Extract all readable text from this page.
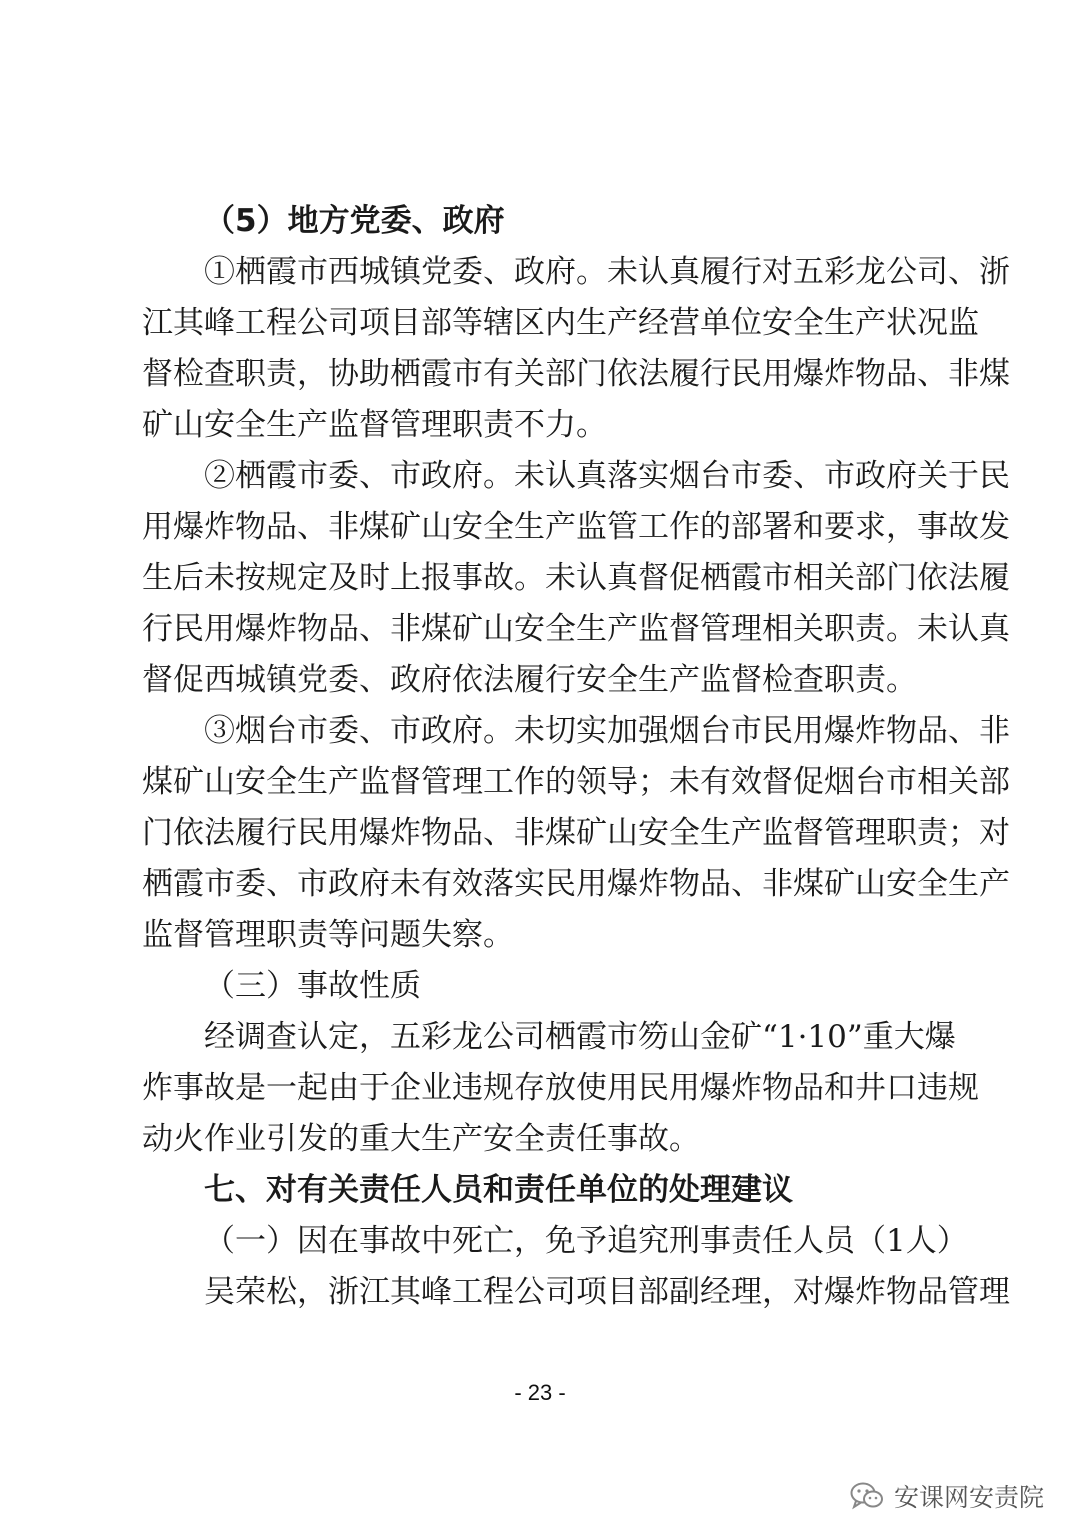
（5）地方党委、政府
①栖霞市西城镇党委、政府。未认真履行对五彩龙公司、浙
江其峰工程公司项目部等辖区内生产经营单位安全生产状况监
督检查职责，协助栖霞市有关部门依法履行民用爆炸物品、非煤
矿山安全生产监督管理职责不力。
②栖霞市委、市政府。未认真落实烟台市委、市政府关于民
用爆炸物品、非煤矿山安全生产监管工作的部署和要求，事故发
生后未按规定及时上报事故。未认真督促栖霞市相关部门依法履
行民用爆炸物品、非煤矿山安全生产监督管理相关职责。未认真
督促西城镇党委、政府依法履行安全生产监督检查职责。
③烟台市委、市政府。未切实加强烟台市民用爆炸物品、非
煤矿山安全生产监督管理工作的领导；未有效督促烟台市相关部
门依法履行民用爆炸物品、非煤矿山安全生产监督管理职责；对
栖霞市委、市政府未有效落实民用爆炸物品、非煤矿山安全生产
监督管理职责等问题失察。
（三）事故性质
经调查认定，五彩龙公司栖霞市笏山金矿“1·10”重大爆
炸事故是一起由于企业违规存放使用民用爆炸物品和井口违规
动火作业引发的重大生产安全责任事故。
七、对有关责任人员和责任单位的处理建议
（一）因在事故中死亡，免予追究刑事责任人员（1人）
吴荣松，浙江其峰工程公司项目部副经理，对爆炸物品管理
- 23 -
安课网安责院
